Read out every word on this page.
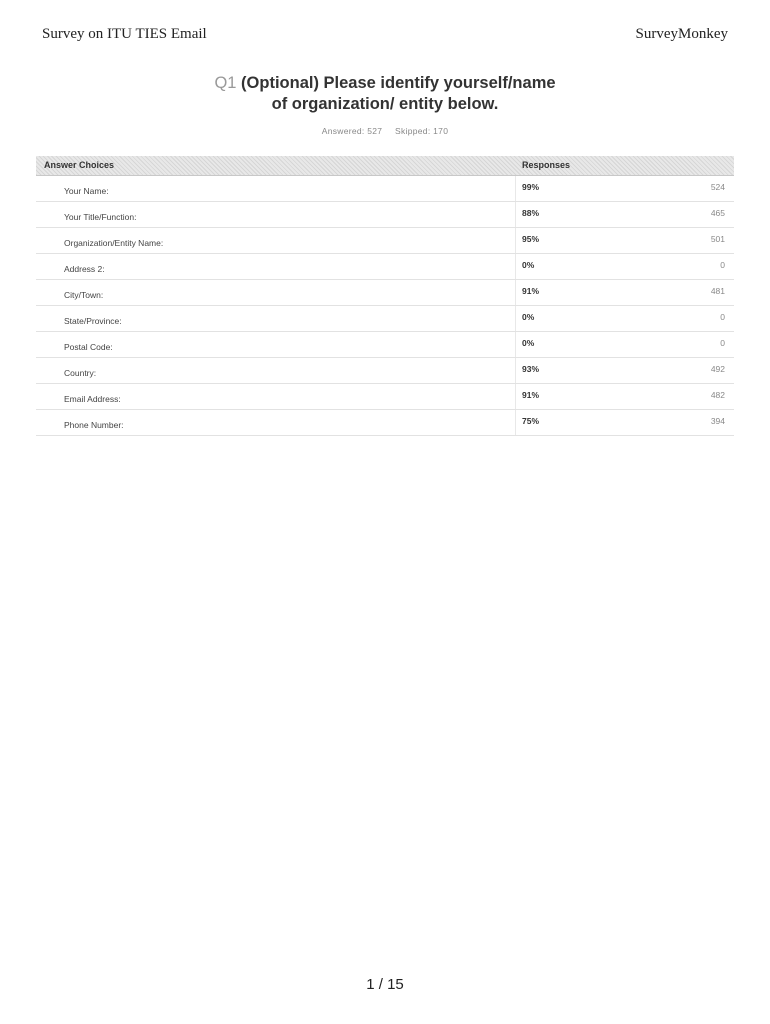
Survey on ITU TIES Email	SurveyMonkey
Q1 (Optional) Please identify yourself/name
of organization/ entity below.
Answered: 527 Skipped: 170
Answer Choices	Responses
Your Name:	99%	524
Your Title/Function:	88%	465
Organization/Entity Name:	95%	501
Address 2:	0%	0
City/Town:	91%	481
State/Province:	0%	0
Postal Code:	0%	0
Country:	93%	492
Email Address:	91%	482
Phone Number:	75%	394
1 / 15
